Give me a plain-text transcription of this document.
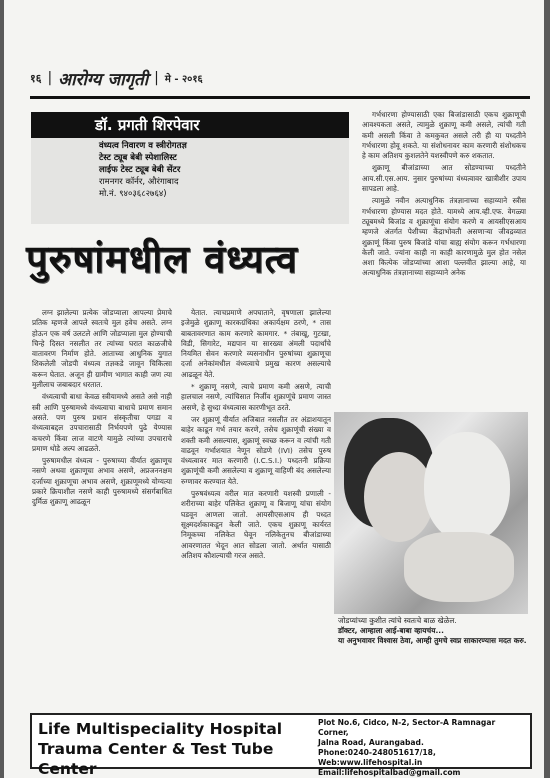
१६ | आरोग्य जागृती | मे - २०१६
डॉ. प्रगती शिरपेवार
वंध्यत्व निवारण व स्त्रीरोगतज्ञ
टेस्ट ट्यूब बेबी स्पेशालिस्ट
लाईफ टेस्ट ट्यूब बेबी सेंटर
रामनगर कॉर्नर, औरंगाबाद
मो.नं. ९४०३६८२७६४)
पुरुषांमधील वंध्यत्व

लग्न झालेल्या प्रत्येक जोडप्याला आपल्या प्रेमाचे प्रतिक म्हणजे आपले स्वतःचे मुल हवेच असते. लग्न होऊन एक वर्ष उलटले आणि जोडप्याला मुल होण्याची चिन्हे दिसत नसलीत तर त्यांच्या घरात काळजीचे वातावरण निर्माण होते. आताच्या आधुनिक युगात शिकलेली जोडपी वंध्यत्व तज्ञकडे जावून चिकित्सा करून घेतात. अजून ही ग्रामीण भागात काही जण त्या मुलीलाच जबाबदार धरतात.

वंध्यत्वाची बाधा केवळ स्त्रीयामध्ये असते असे नाही स्त्री आणि पुरुषामध्ये वंध्यत्वाचा बाधाचे प्रमाण समान असते. पण पुरुष प्रधान संस्कृतीचा पगडा व वंध्यत्वाबद्दल उपचारासाठी निर्भयपणे पुढे येण्यास कचरणे किंवा लाज वाटणे यामुळे त्यांच्या उपचाराचे प्रमाण थोडे अल्प आढळते.

पुरुषामधील वंध्यत्व - पुरुषाच्या वीर्यात शुक्राणूच नसणे अथवा शुक्राणूचा अभाव असणे, अप्रजननक्षम दर्जाच्या शुक्राणूचा अभाव असणे, शुक्राणूमध्ये योग्यत्या प्रकारे क्रियाशील नसणे काही पुरुषामध्ये संसर्गबाधित दुर्मिळ शुक्राणू आढळून

येतात. त्याचप्रमाणे अपघाताने, वृषणाला झालेल्या इजेमुळे शुक्राणू कारकग्रंथिका अकार्यक्षम ठरणे, * तास बाबतावरणात काम करणारे कामगार. * तंबाखू, गुटखा, विडी, सिगारेट, मद्यपान या सारख्या अंमली पदार्थांचे नियमित सेवन करणारे व्यसनाधीन पुरुषांच्या शुक्राणूचा दर्जा अनेकांमधील वंध्यत्वाचे प्रमुख कारण असल्याचे आढळून येते.

* शुक्राणू नसणे, त्याचे प्रमाण कमी असणे, त्याची हालचाल नसणे, त्यांचिसात निर्जीव शुक्राणूंचे प्रमाण जास्त असणे, हे सुध्दा वंध्यत्वास कारणीभूत ठरते.

जर शुक्राणूं वीर्यात अजिबात नसलीत तर अंडाशयातून बाहेर काढून गर्भ तयार करणे, तसेच शुक्राणूंची संख्या व शक्ती कमी असल्यास, शुक्राणूं स्वच्छ करून व त्यांची गती वाढवून गर्भाशयात नेणून सोडणे (IVI) तसेच पुरुष वंध्यत्वावर मात करणारी (I.C.S.I.) पध्दतनी प्रक्रिया शुक्राणूंची कमी असलेल्या व शुक्राणू वाहिणी बंद असलेल्या रुग्णावर करण्यात येते.

पुरुषवंध्यत्व वरील मात करणारी यशस्वी प्रणाली - शरीराच्या बाहेर पलिकेत शुक्राणू व बिजाणू यांचा संयोग घडवून आणला जातो. आयसीएसआय ही पध्दत सूक्ष्मदर्शकाकडून केली जाते. एकच शुक्राणू कार्यरत निमूकच्या नलिकेत घेवून नलिकेतुनच बीजांडाच्या आवरणातत भेदून आत सोडला जातो. अर्थात यासाठी अतिशय कौशल्याची गरज असते.

गर्भधारणा होण्यासाठी एका बिजांडासाठी एकच शुक्राणूची आवश्यकता असते, त्यामुळे शुक्राणू कमी असले, त्यांची गती कमी असली किंवा ते कमकुवत असले तरी ही या पध्दतीने गर्भधारणा होवू शकते. या संशोधनावर काम करणारी संशोधकच हे काम अतिशय कुशलतेने यशस्वीपणे करु शकतात.

शुक्राणू बीजांडाच्या आत सोडण्याच्या पध्दतीने आय.सी.एस.आय. नुसार पुरुषांच्या वंध्यत्वावर खात्रीशीर उपाय सापडला आहे.

त्यामुळे नवीन अत्याधुनिक तंत्रज्ञानाच्या सहाय्याने स्त्रीस गर्भधारणा होण्यास मदत होते. यामध्ये आय.व्ही.एफ. वेगळ्या ट्यूबमध्ये बिजांड व शुक्राणूंचा संयोग करणे व आयसीएसआय म्हणजे अंतर्गत पेशीच्या केंद्राभोवती असणाऱ्या जीवद्रव्यात शुक्राणूं किंवा पुरुष बिजांडे यांचा बाह्य संयोग करून गर्भधारणा केली जाते. ज्यांना काही ना काही कारणामुळे मुल होत नसेल अशा कित्येक जोडप्यांच्या आशा पल्लवीत झाल्या आहे, या अत्याधुनिक तंत्रज्ञानाच्या सहाय्याने अनेक

जोडप्यांच्या कुशीत त्यांचे स्वतःचे बाळ खेळेल.
डॉक्टर, आम्हाला आई-बाबा व्हायचंय...
या अनुभवावर विश्वास ठेवा, आम्ही तुमचे स्वप्न साकारण्यास मदत करु.
Life Multispeciality Hospital Trauma Center & Test Tube Center
Plot No.6, Cidco, N-2, Sector-A Ramnagar Corner,
Jalna Road, Aurangabad.
Phone:0240-248051617/18, Web:www.lifehospital.in
Email:lifehospitalbad@gmail.com
